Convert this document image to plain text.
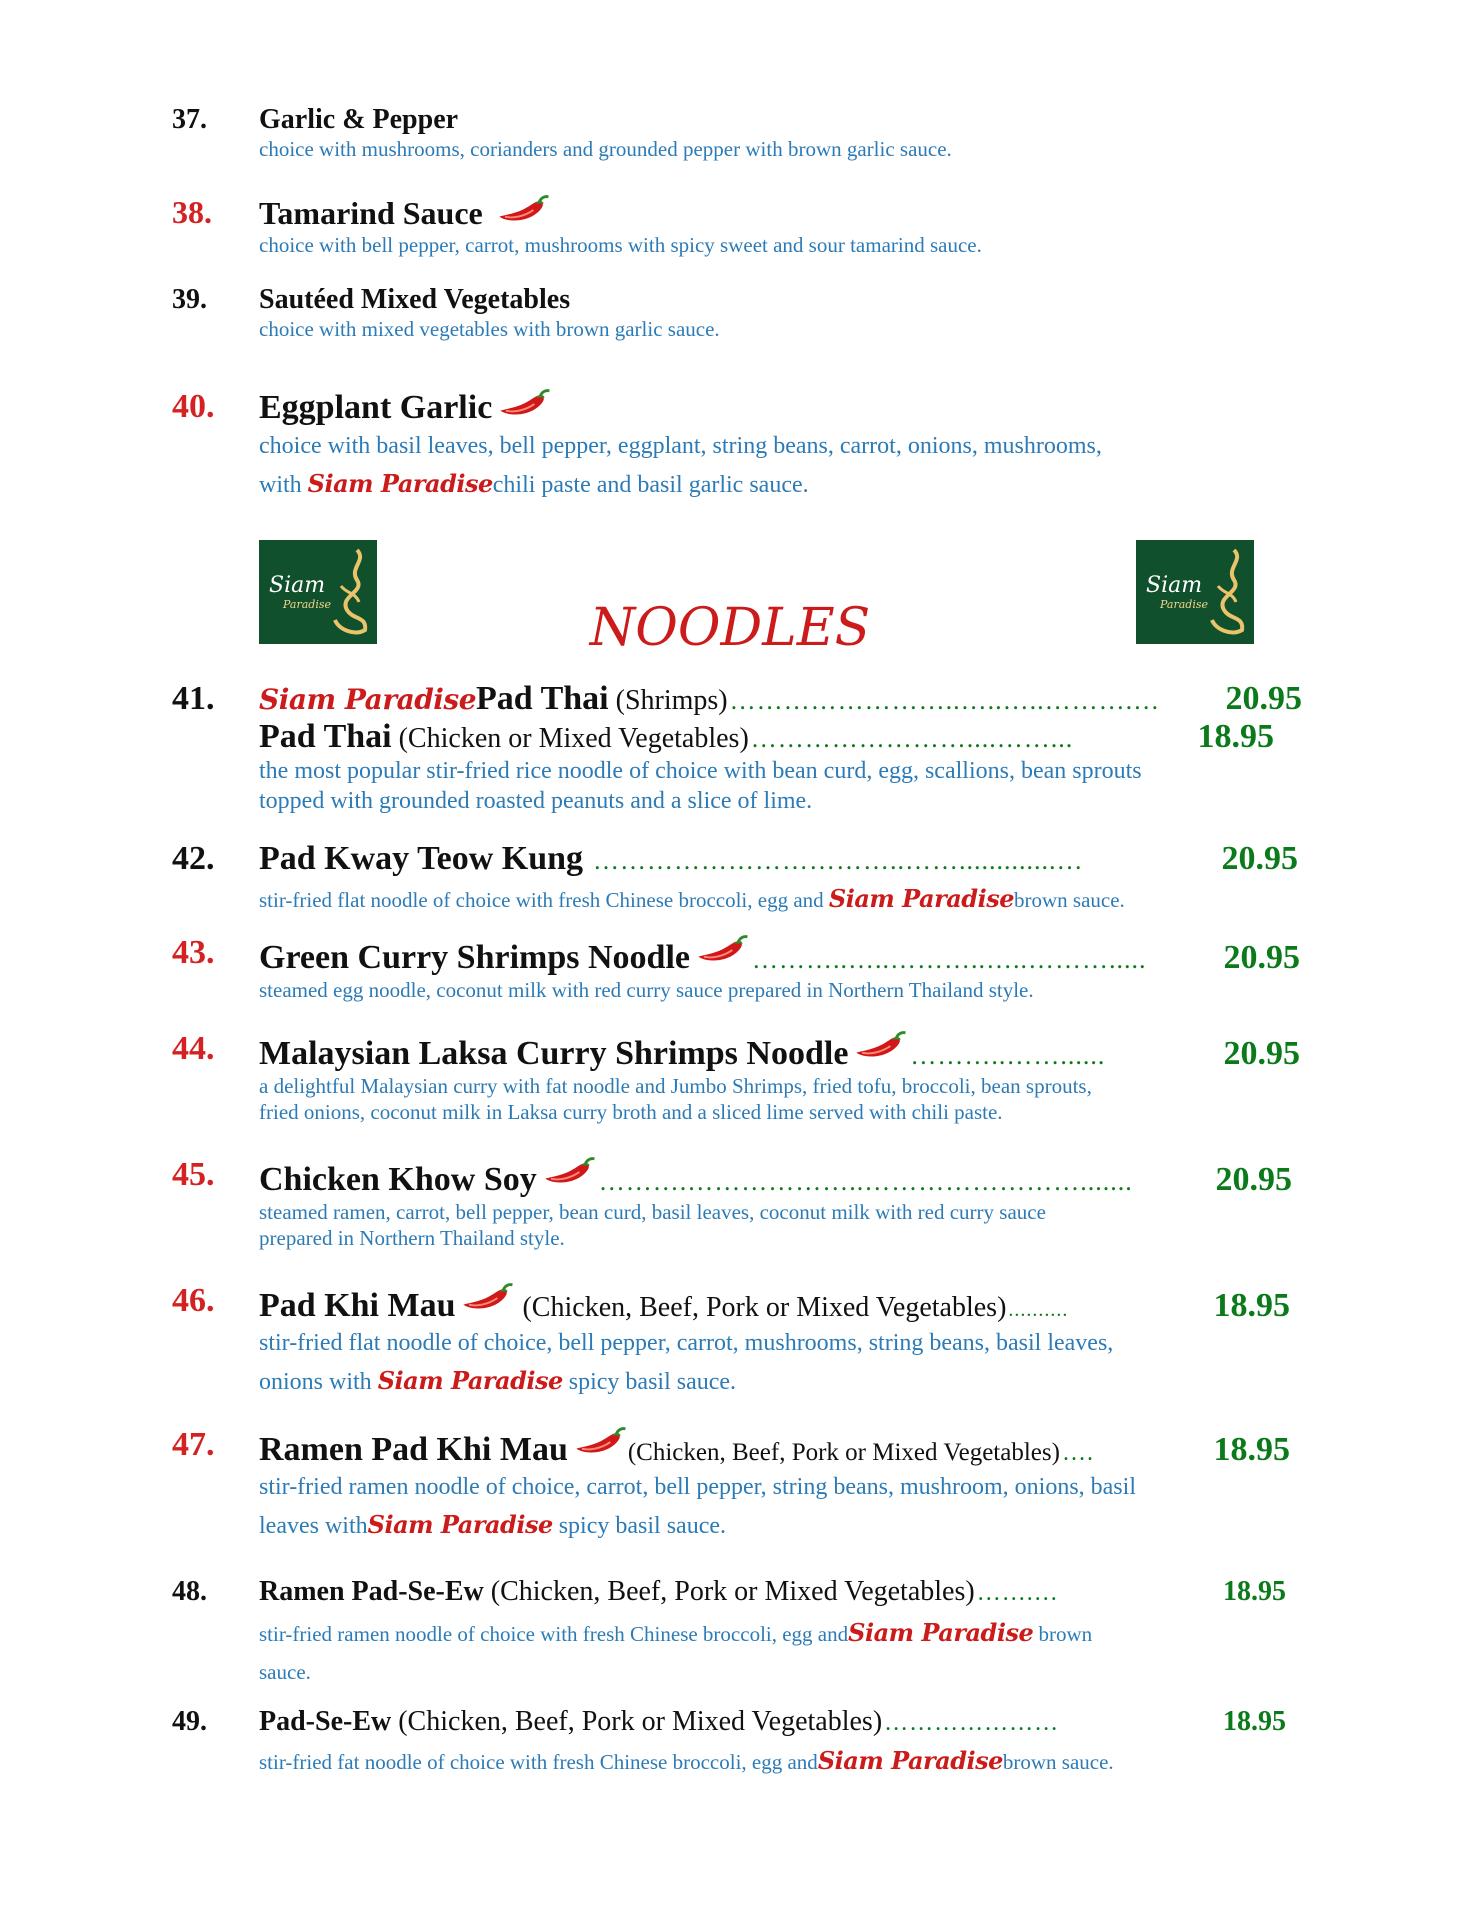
37. Garlic & Pepper
choice with mushrooms, corianders and grounded pepper with brown garlic sauce.
38. Tamarind Sauce
choice with bell pepper, carrot, mushrooms with spicy sweet and sour tamarind sauce.
39. Sautéed Mixed Vegetables
choice with mixed vegetables with brown garlic sauce.
40. Eggplant Garlic
choice with basil leaves, bell pepper, eggplant, string beans, carrot, onions, mushrooms,
with Siam Paradisechili paste and basil garlic sauce.
Siam
Paradise
Siam
Paradise
NOODLES
41. Siam Paradise Pad Thai (Shrimps) ……………………..…..…..……….…	20.95
Pad Thai (Chicken or Mixed Vegetables) ……………………....……...	18.95
the most popular stir-fried rice noodle of choice with bean curd, egg, scallions, bean sprouts
topped with grounded roasted peanuts and a slice of lime.
42. Pad Kway Teow Kung ……………………………..…….............…	20.95
stir-fried flat noodle of choice with fresh Chinese broccoli, egg and Siam Paradisebrown sauce.
43. Green Curry Shrimps Noodle ………..…..………..…..……….....	20.95
steamed egg noodle, coconut milk with red curry sauce prepared in Northern Thailand style.
44. Malaysian Laksa Curry Shrimps Noodle ………..……......	20.95
a delightful Malaysian curry with fat noodle and Jumbo Shrimps, fried tofu, broccoli, bean sprouts,
fried onions, coconut milk in Laksa curry broth and a sliced lime served with chili paste.
45. Chicken Khow Soy ……….………………..…………………….......	20.95
steamed ramen, carrot, bell pepper, bean curd, basil leaves, coconut milk with red curry sauce
prepared in Northern Thailand style.
46. Pad Khi Mau (Chicken, Beef, Pork or Mixed Vegetables) ..........	18.95
stir-fried flat noodle of choice, bell pepper, carrot, mushrooms, string beans, basil leaves,
onions with Siam Paradise spicy basil sauce.
47. Ramen Pad Khi Mau (Chicken, Beef, Pork or Mixed Vegetables) ….	18.95
stir-fried ramen noodle of choice, carrot, bell pepper, string beans, mushroom, onions, basil
leaves withSiam Paradise spicy basil sauce.
48. Ramen Pad-Se-Ew (Chicken, Beef, Pork or Mixed Vegetables) …….…	18.95
stir-fried ramen noodle of choice with fresh Chinese broccoli, egg andSiam Paradise brown
sauce.
49. Pad-Se-Ew (Chicken, Beef, Pork or Mixed Vegetables) …………………	18.95
stir-fried fat noodle of choice with fresh Chinese broccoli, egg andSiam Paradisebrown sauce.
